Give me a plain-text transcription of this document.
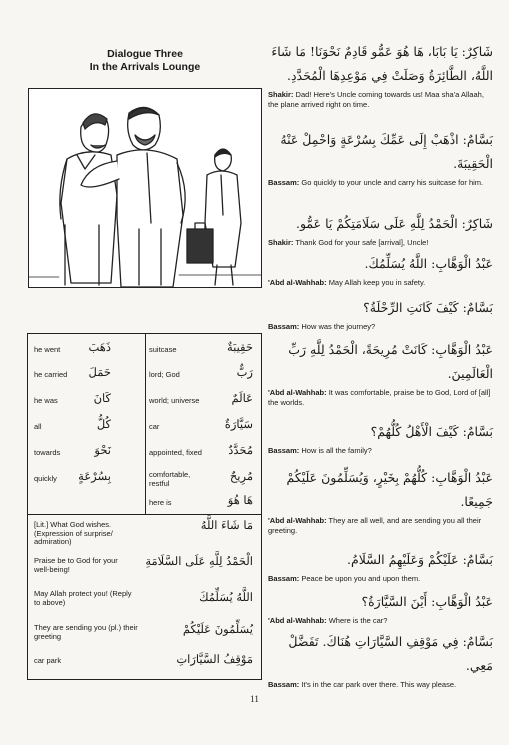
Dialogue Three
In the Arrivals Lounge
he went ذَهَبَ
he carried حَمَلَ
he was	كَانَ
all	كُلُّ
towards	نَحْوَ
quickly بِسُرْعَةٍ
suitcase	حَقِيبَةٌ
lord; God	رَبٌّ
world; universe	عَالَمٌ
car	سَيَّارَةٌ
appointed, fixed مُحَدَّدٌ
comfortable, restful	مُرِيحٌ
here is	هَا هُوَ
[Lit.] What God wishes. (Expression of surprise/ admiration)
مَا شَاءَ اللَّهُ
Praise be to God for your well-being!
الْحَمْدُ لِلَّهِ عَلَى السَّلَامَةِ
May Allah protect you! (Reply to above)	اللَّهُ يُسَلِّمُكَ
They are sending you (pl.) their greeting	يُسَلِّمُونَ عَلَيْكُمْ
car park	مَوْقِفُ السَّيَّارَاتِ
شَاكِرٌ: يَا بَابَا، هَا هُوَ عَمُّو قَادِمٌ نَحْوَنَا! مَا شَاءَ اللَّهُ، الطَّائِرَةُ وَصَلَتْ فِي مَوْعِدِهَا الْمُحَدَّدِ.
Shakir: Dad! Here's Uncle coming towards us! Maa sha'a Allaah, the plane arrived right on time.
بَسَّامٌ: اذْهَبْ إِلَى عَمِّكَ بِسُرْعَةٍ وَاحْمِلْ عَنْهُ الْحَقِيبَةَ.
Bassam: Go quickly to your uncle and carry his suitcase for him.
شَاكِرٌ: الْحَمْدُ لِلَّهِ عَلَى سَلَامَتِكُمْ يَا عَمُّو.
Shakir: Thank God for your safe [arrival], Uncle!
عَبْدُ الْوَهَّابِ: اللَّهُ يُسَلِّمُكَ.
'Abd al-Wahhab: May Allah keep you in safety.
بَسَّامٌ: كَيْفَ كَانَتِ الرِّحْلَةُ؟
Bassam: How was the journey?
عَبْدُ الْوَهَّابِ: كَانَتْ مُرِيحَةً، الْحَمْدُ لِلَّهِ رَبِّ الْعَالَمِينَ.
'Abd al-Wahhab: It was comfortable, praise be to God, Lord of [all] the worlds.
بَسَّامٌ: كَيْفَ الْأَهْلُ كُلُّهُمْ؟
Bassam: How is all the family?
عَبْدُ الْوَهَّابِ: كُلُّهُمْ بِخَيْرٍ، وَيُسَلِّمُونَ عَلَيْكُمْ جَمِيعًا.
'Abd al-Wahhab: They are all well, and are sending you all their greeting.
بَسَّامٌ: عَلَيْكُمْ وَعَلَيْهِمُ السَّلَامُ.
Bassam: Peace be upon you and upon them.
عَبْدُ الْوَهَّابِ: أَيْنَ السَّيَّارَةُ؟
'Abd al-Wahhab: Where is the car?
بَسَّامٌ: فِي مَوْقِفِ السَّيَّارَاتِ هُنَاكَ. تَفَضَّلْ مَعِي.
Bassam: It's in the car park over there. This way please.
11
